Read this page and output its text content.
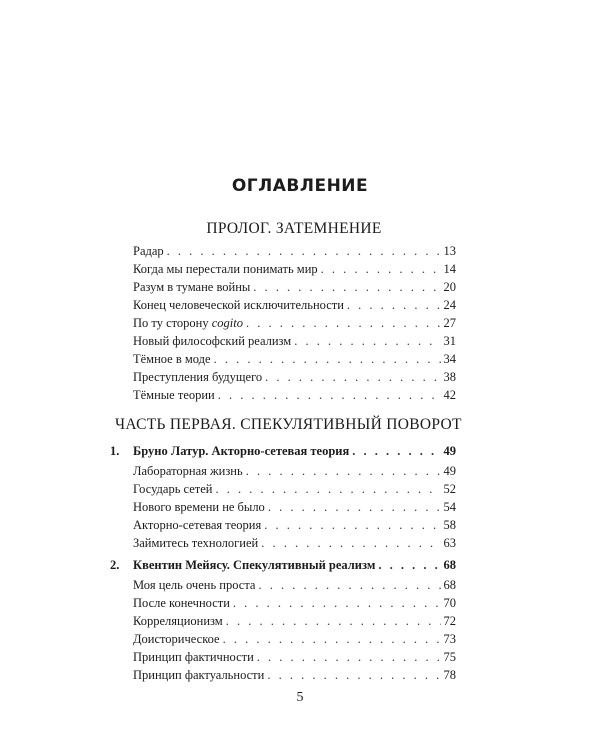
ОГЛАВЛЕНИЕ
ПРОЛОГ. ЗАТЕМНЕНИЕ
Радар . . .	13
Когда мы перестали понимать мир . . .	14
Разум в тумане войны . . .	20
Конец человеческой исключительности . . .	24
По ту сторону cogito . . .	27
Новый философский реализм . . .	31
Тёмное в моде . . .	34
Преступления будущего . . .	38
Тёмные теории . . .	42
ЧАСТЬ ПЕРВАЯ. СПЕКУЛЯТИВНЫЙ ПОВОРОТ
1. Бруно Латур. Акторно-сетевая теория . . .	49
Лабораторная жизнь . . .	49
Государь сетей . . .	52
Нового времени не было . . .	54
Акторно-сетевая теория . . .	58
Займитесь технологией . . .	63
2. Квентин Мейясу. Спекулятивный реализм . . .	68
Моя цель очень проста . . .	68
После конечности . . .	70
Корреляционизм . . .	72
Доисторическое . . .	73
Принцип фактичности . . .	75
Принцип фактуальности . . .	78
5
